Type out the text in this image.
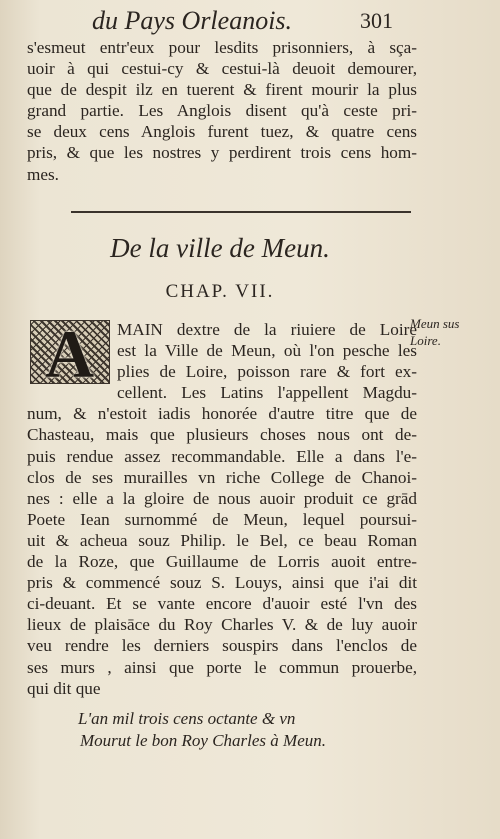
du Pays Orleanois.	301
s'esmeut entr'eux pour lesdits prisonniers, à sça-
uoir à qui cestui-cy & cestui-là deuoit demourer,
que de despit ilz en tuerent & firent mourir la plus
grand partie. Les Anglois disent qu'à ceste pri-
se deux cens Anglois furent tuez, & quatre cens
pris, & que les nostres y perdirent trois cens hom-
mes.
De la ville de Meun.
CHAP. VII.
A	Meun sus
Loire.
MAIN dextre de la riuiere de Loire
est la Ville de Meun, où l'on pesche les
plies de Loire, poisson rare & fort ex-
cellent. Les Latins l'appellent Magdu-
num, & n'estoit iadis honorée d'autre titre que de
Chasteau, mais que plusieurs choses nous ont de-
puis rendue assez recommandable. Elle a dans l'e-
clos de ses murailles vn riche College de Chanoi-
nes : elle a la gloire de nous auoir produit ce grād
Poete Iean surnommé de Meun, lequel poursui-
uit & acheua souz Philip. le Bel, ce beau Roman
de la Roze, que Guillaume de Lorris auoit entre-
pris & commencé souz S. Louys, ainsi que i'ai dit
ci-deuant. Et se vante encore d'auoir esté l'vn des
lieux de plaisāce du Roy Charles V. & de luy auoir
veu rendre les derniers souspirs dans l'enclos de
ses murs , ainsi que porte le commun prouerbe,
qui dit que
L'an mil trois cens octante & vn
Mourut le bon Roy Charles à Meun.
